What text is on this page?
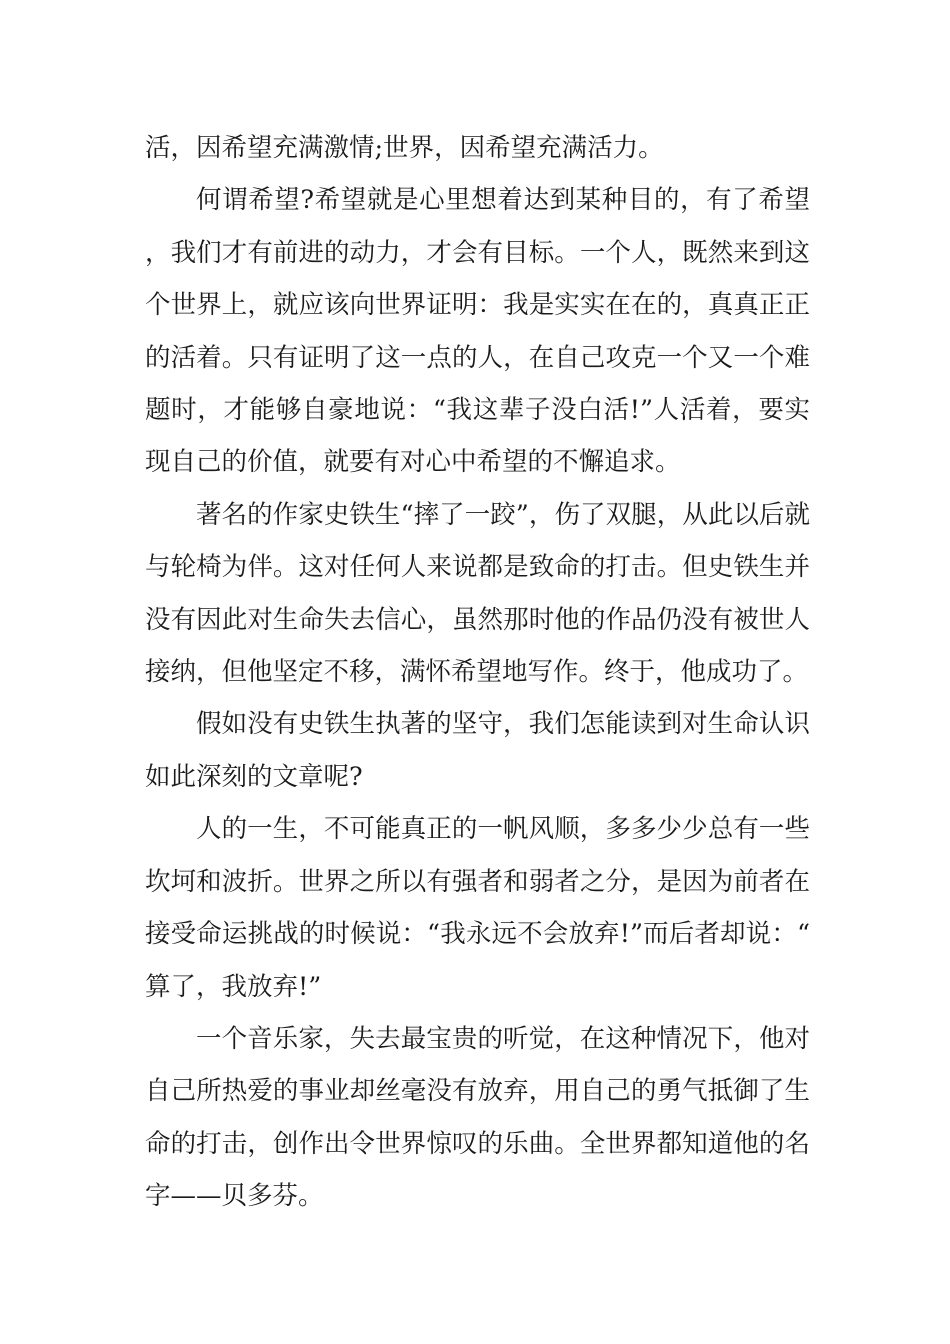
活，因希望充满激情;世界，因希望充满活力。

何谓希望?希望就是心里想着达到某种目的，有了希望，我们才有前进的动力，才会有目标。一个人，既然来到这个世界上，就应该向世界证明：我是实实在在的，真真正正的活着。只有证明了这一点的人，在自己攻克一个又一个难题时，才能够自豪地说：“我这辈子没白活!”人活着，要实现自己的价值，就要有对心中希望的不懈追求。

著名的作家史铁生“摔了一跤”，伤了双腿，从此以后就与轮椅为伴。这对任何人来说都是致命的打击。但史铁生并没有因此对生命失去信心，虽然那时他的作品仍没有被世人接纳，但他坚定不移，满怀希望地写作。终于，他成功了。

假如没有史铁生执著的坚守，我们怎能读到对生命认识如此深刻的文章呢?

人的一生，不可能真正的一帆风顺，多多少少总有一些坎坷和波折。世界之所以有强者和弱者之分，是因为前者在接受命运挑战的时候说：“我永远不会放弃!”而后者却说：“算了，我放弃!”

一个音乐家，失去最宝贵的听觉，在这种情况下，他对自己所热爱的事业却丝毫没有放弃，用自己的勇气抵御了生命的打击，创作出令世界惊叹的乐曲。全世界都知道他的名字——贝多芬。
